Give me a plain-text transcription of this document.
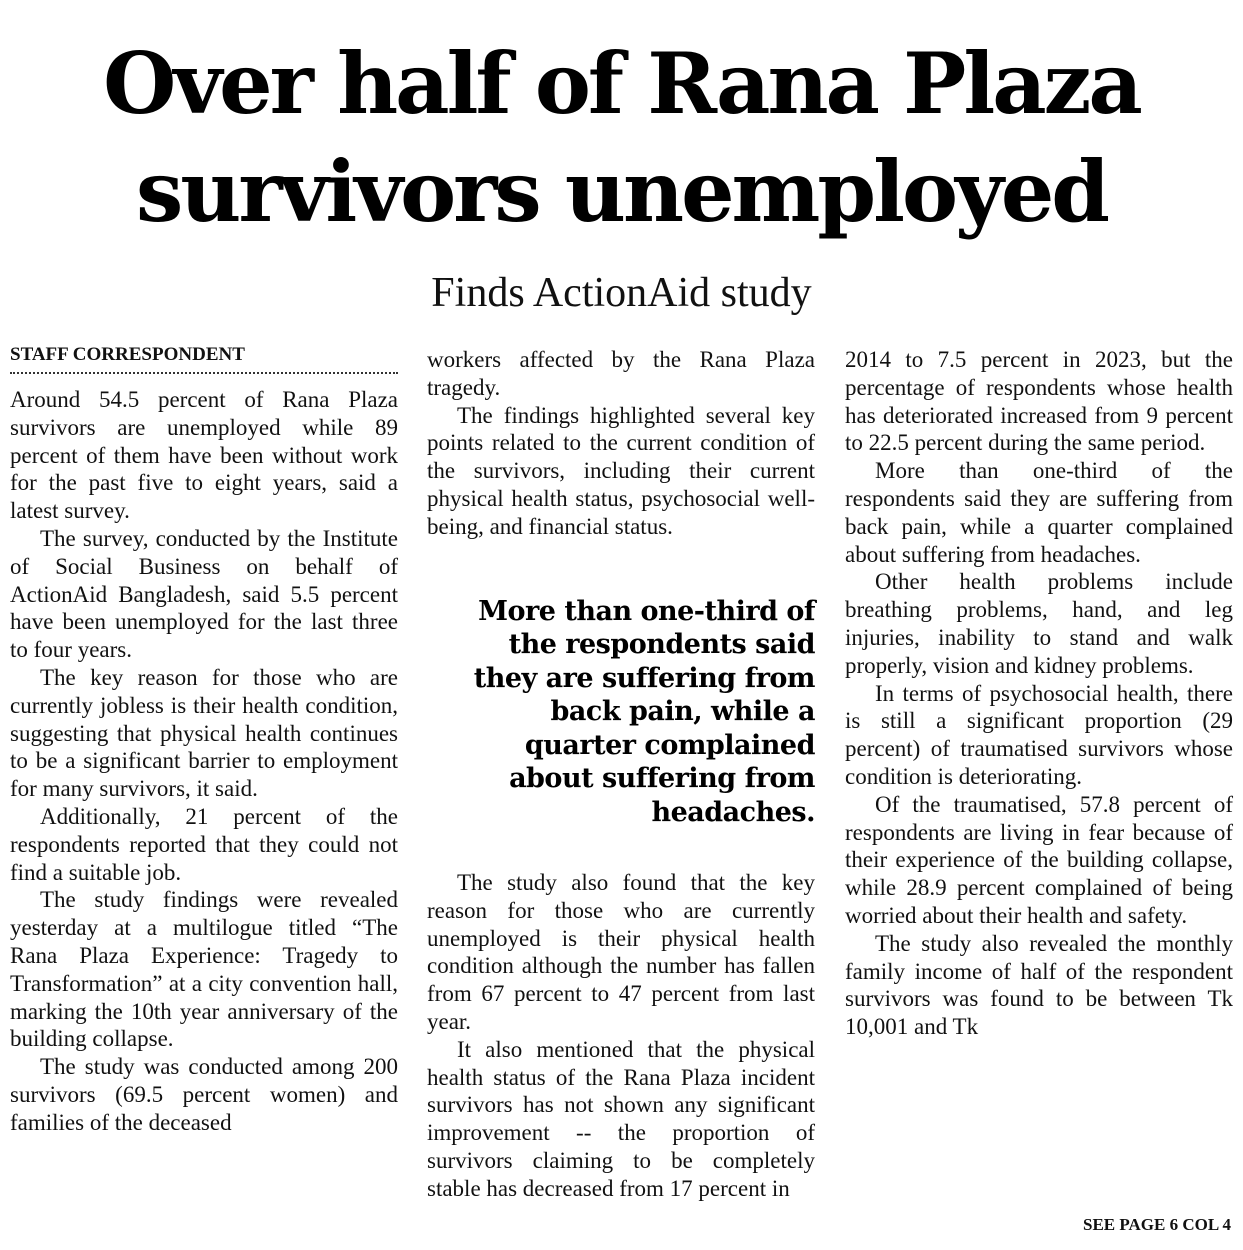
Over half of Rana Plaza
survivors unemployed
Finds ActionAid study
STAFF CORRESPONDENT

Around 54.5 percent of Rana Plaza survivors are unemployed while 89 percent of them have been without work for the past five to eight years, said a latest survey.

The survey, conducted by the Institute of Social Business on behalf of ActionAid Bangladesh, said 5.5 percent have been unemployed for the last three to four years.

The key reason for those who are currently jobless is their health condition, suggesting that physical health continues to be a significant barrier to employment for many survivors, it said.

Additionally, 21 percent of the respondents reported that they could not find a suitable job.

The study findings were revealed yesterday at a multilogue titled “The Rana Plaza Experience: Tragedy to Transformation” at a city convention hall, marking the 10th year anniversary of the building collapse.

The study was conducted among 200 survivors (69.5 percent women) and families of the deceased

workers affected by the Rana Plaza tragedy.

The findings highlighted several key points related to the current condition of the survivors, including their current physical health status, psychosocial well-being, and financial status.

More than one-third of the respondents said they are suffering from back pain, while a quarter complained about suffering from headaches.

The study also found that the key reason for those who are currently unemployed is their physical health condition although the number has fallen from 67 percent to 47 percent from last year.

It also mentioned that the physical health status of the Rana Plaza incident survivors has not shown any significant improvement -- the proportion of survivors claiming to be completely stable has decreased from 17 percent in

2014 to 7.5 percent in 2023, but the percentage of respondents whose health has deteriorated increased from 9 percent to 22.5 percent during the same period.

More than one-third of the respondents said they are suffering from back pain, while a quarter complained about suffering from headaches.

Other health problems include breathing problems, hand, and leg injuries, inability to stand and walk properly, vision and kidney problems.

In terms of psychosocial health, there is still a significant proportion (29 percent) of traumatised survivors whose condition is deteriorating.

Of the traumatised, 57.8 percent of respondents are living in fear because of their experience of the building collapse, while 28.9 percent complained of being worried about their health and safety.

The study also revealed the monthly family income of half of the respondent survivors was found to be between Tk 10,001 and Tk

SEE PAGE 6 COL 4
